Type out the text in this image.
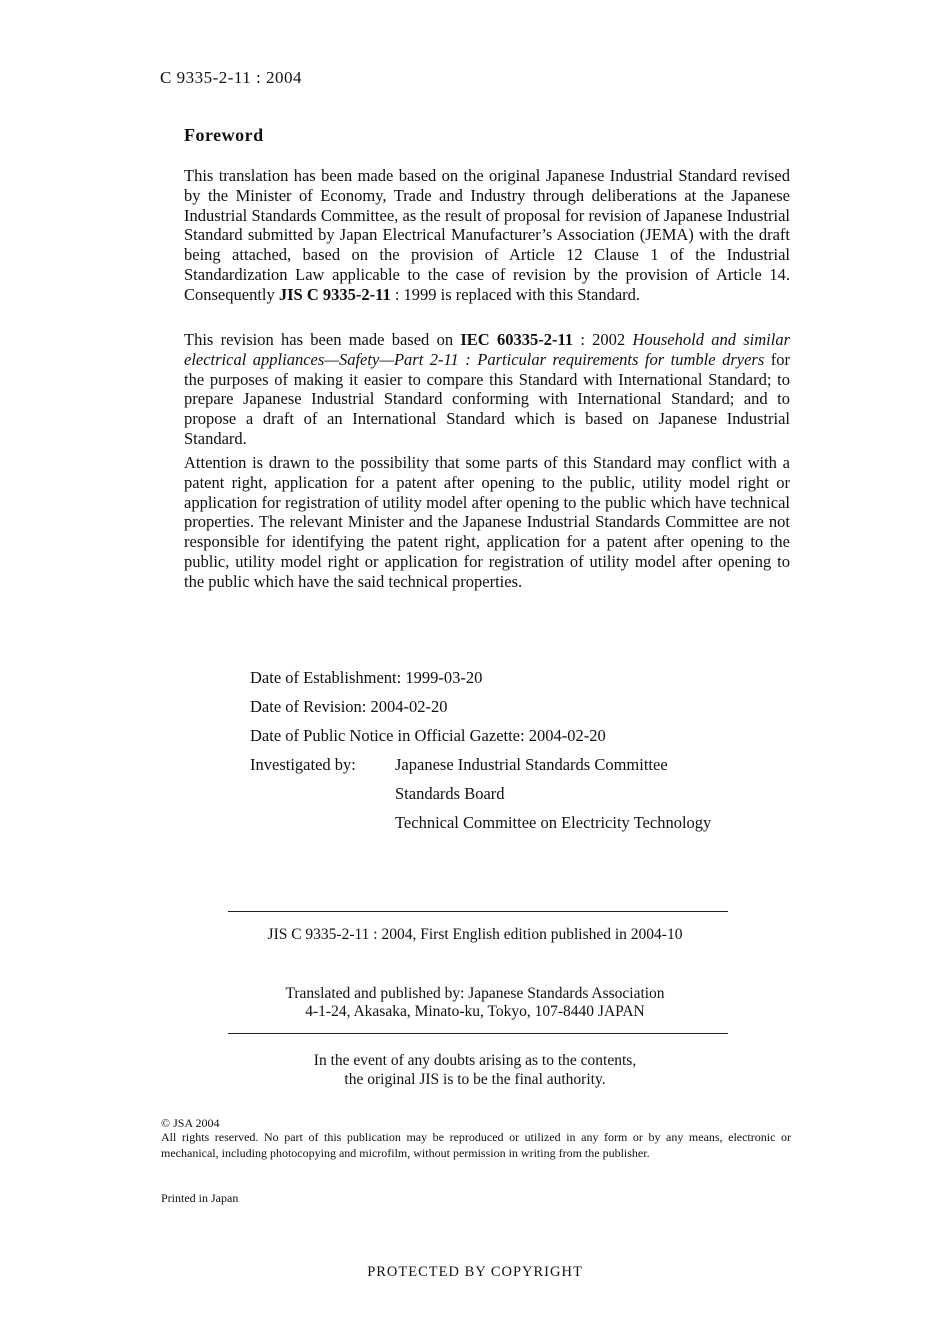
C 9335-2-11 : 2004
Foreword
This translation has been made based on the original Japanese Industrial Standard revised by the Minister of Economy, Trade and Industry through deliberations at the Japanese Industrial Standards Committee, as the result of proposal for revision of Japanese Industrial Standard submitted by Japan Electrical Manufacturer’s Association (JEMA) with the draft being attached, based on the provision of Article 12 Clause 1 of the Industrial Standardization Law applicable to the case of revision by the provision of Article 14. Consequently JIS C 9335-2-11 : 1999 is replaced with this Standard.
This revision has been made based on IEC 60335-2-11 : 2002 Household and similar electrical appliances—Safety—Part 2-11 : Particular requirements for tumble dryers for the purposes of making it easier to compare this Standard with International Standard; to prepare Japanese Industrial Standard conforming with International Standard; and to propose a draft of an International Standard which is based on Japanese Industrial Standard.
Attention is drawn to the possibility that some parts of this Standard may conflict with a patent right, application for a patent after opening to the public, utility model right or application for registration of utility model after opening to the public which have technical properties. The relevant Minister and the Japanese Industrial Standards Committee are not responsible for identifying the patent right, application for a patent after opening to the public, utility model right or application for registration of utility model after opening to the public which have the said technical properties.
Date of Establishment: 1999-03-20
Date of Revision: 2004-02-20
Date of Public Notice in Official Gazette: 2004-02-20
Investigated by: Japanese Industrial Standards Committee
Standards Board
Technical Committee on Electricity Technology
JIS C 9335-2-11 : 2004, First English edition published in 2004-10
Translated and published by: Japanese Standards Association
4-1-24, Akasaka, Minato-ku, Tokyo, 107-8440 JAPAN
In the event of any doubts arising as to the contents,
the original JIS is to be the final authority.
© JSA 2004
All rights reserved. No part of this publication may be reproduced or utilized in any form or by any means, electronic or mechanical, including photocopying and microfilm, without permission in writing from the publisher.
Printed in Japan
PROTECTED BY COPYRIGHT
